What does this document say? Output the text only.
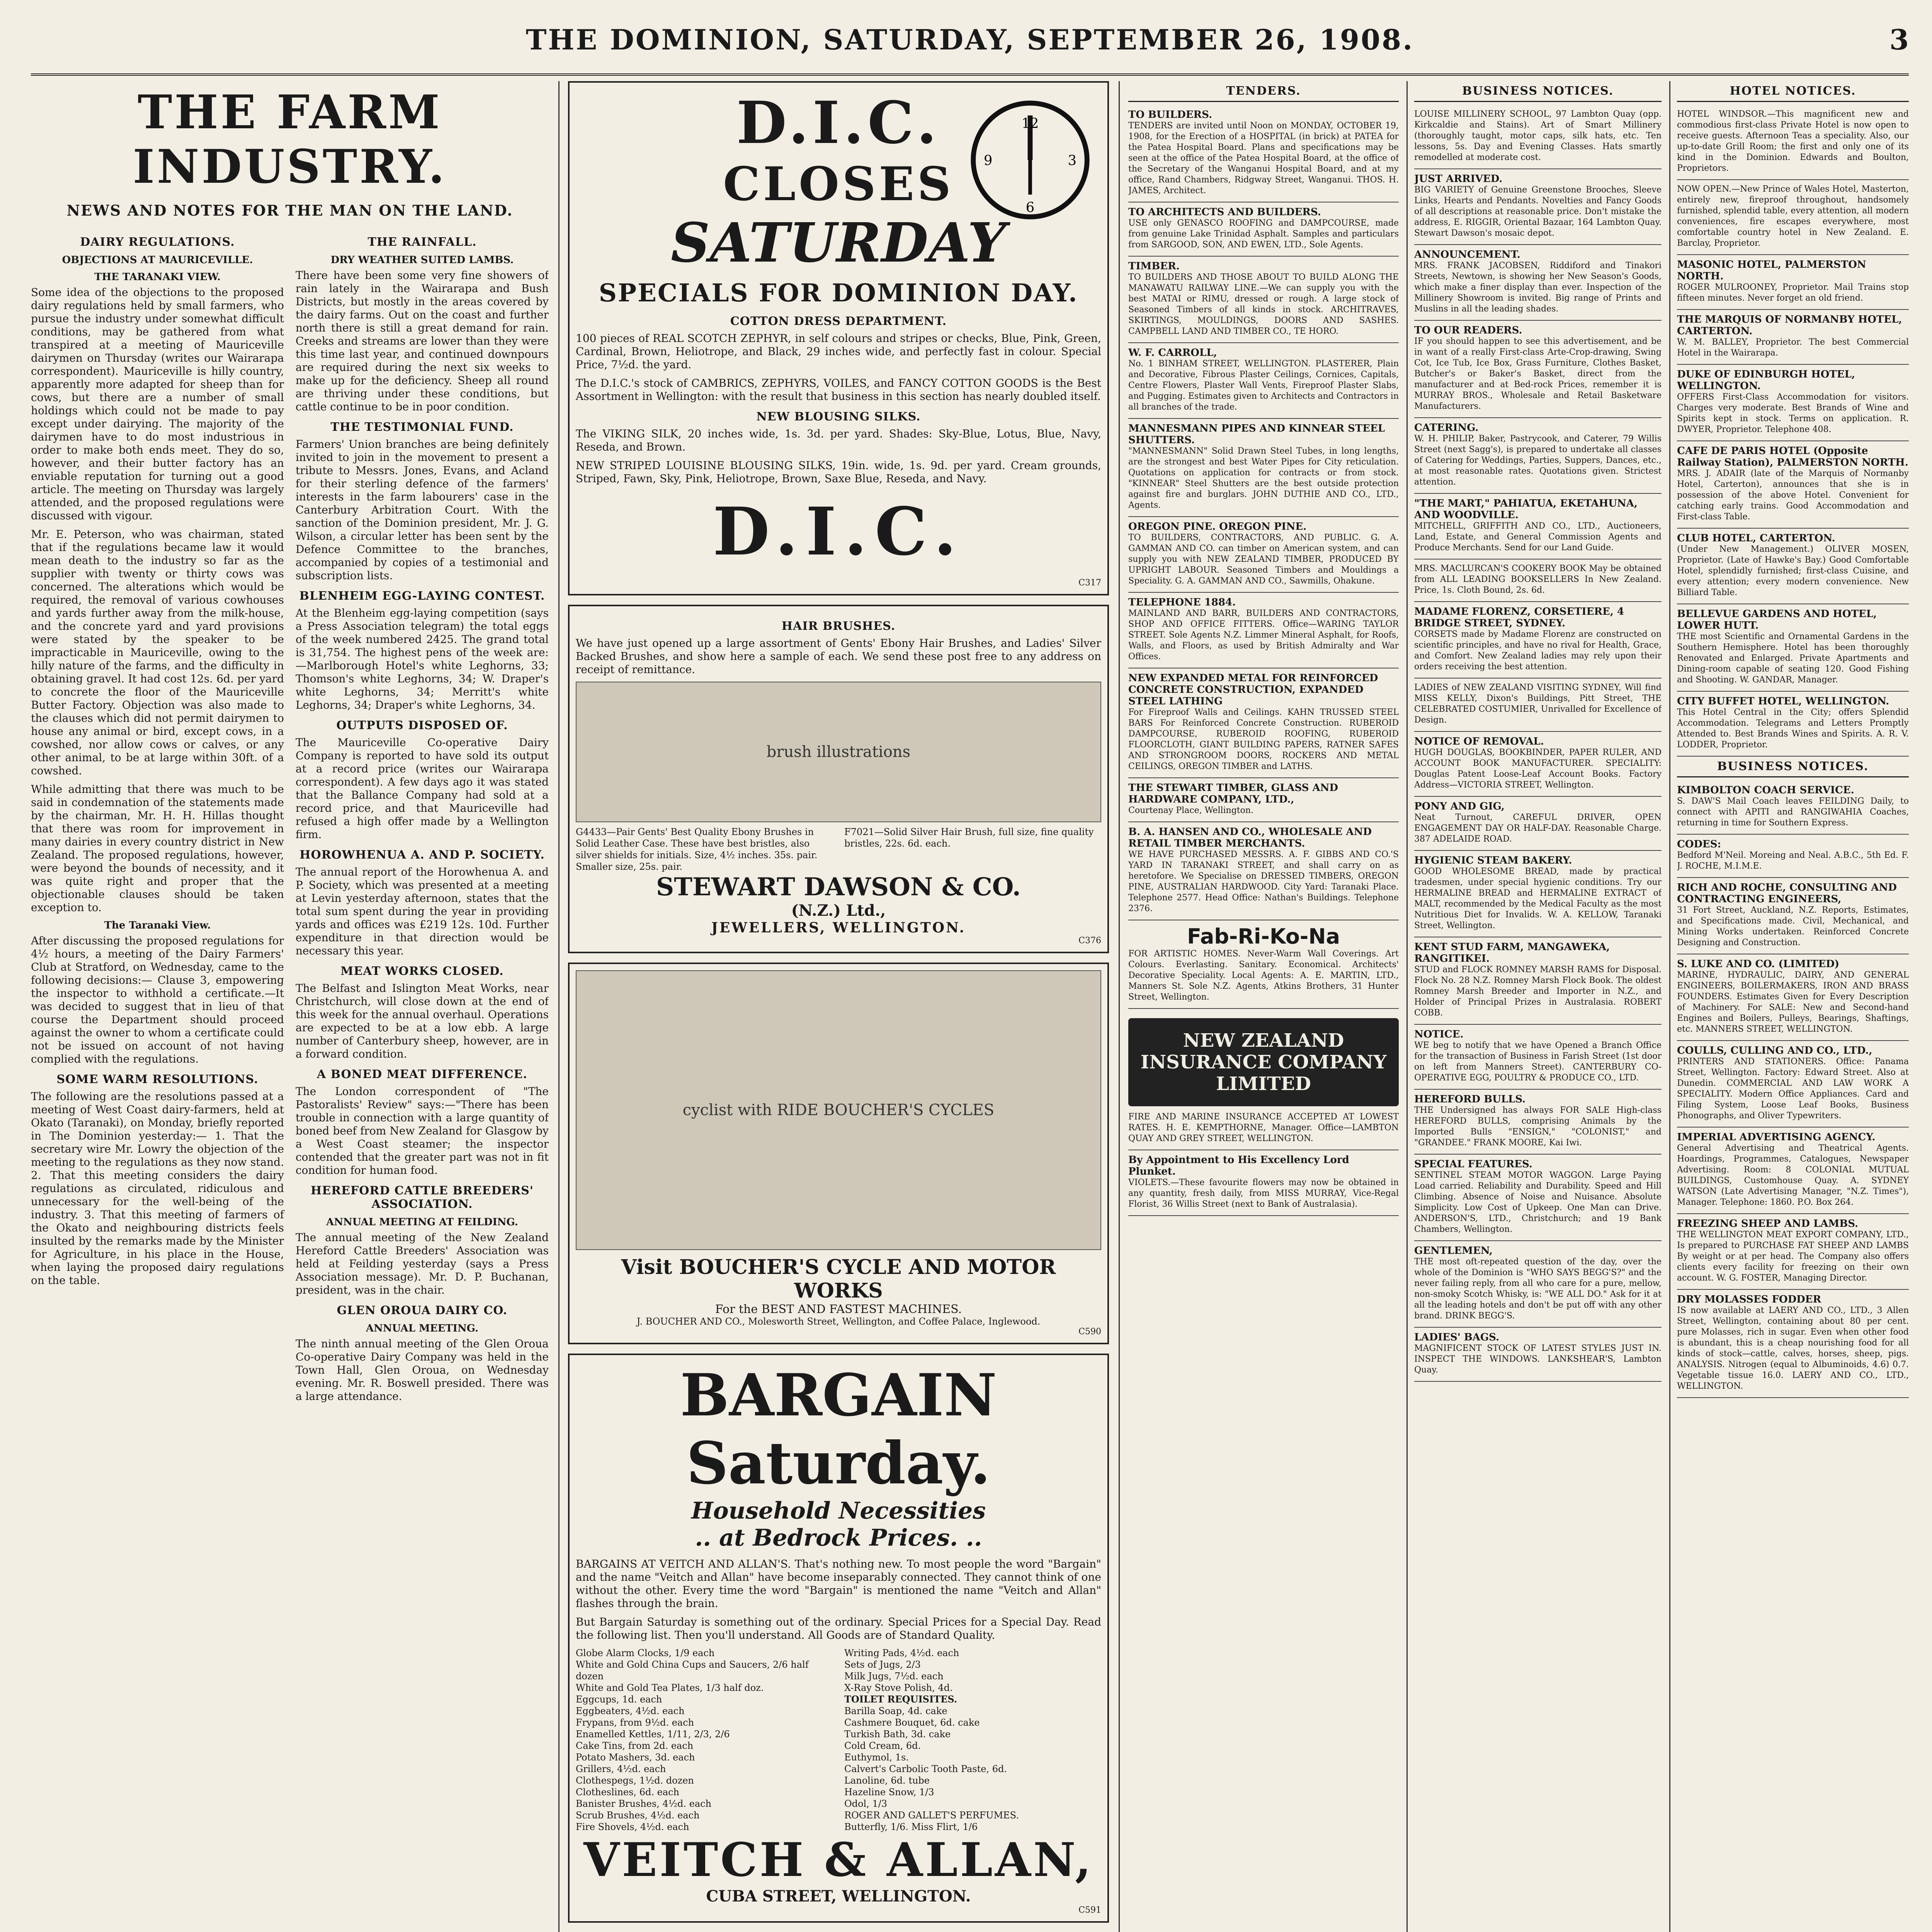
THE DOMINION, SATURDAY, SEPTEMBER 26, 1908.	3
THE FARM INDUSTRY.
NEWS AND NOTES FOR THE MAN ON THE LAND.
DAIRY REGULATIONS.
OBJECTIONS AT MAURICEVILLE.
THE TARANAKI VIEW.

Some idea of the objections to the proposed dairy regulations held by small farmers, who pursue the industry under somewhat difficult conditions, may be gathered from what transpired at a meeting of Mauriceville dairymen on Thursday (writes our Wairarapa correspondent). Mauriceville is hilly country, apparently more adapted for sheep than for cows, but there are a number of small holdings which could not be made to pay except under dairying. The majority of the dairymen have to do most industrious in order to make both ends meet. They do so, however, and their butter factory has an enviable reputation for turning out a good article. The meeting on Thursday was largely attended, and the proposed regulations were discussed with vigour.

Mr. E. Peterson, who was chairman, stated that if the regulations became law it would mean death to the industry so far as the supplier with twenty or thirty cows was concerned. The alterations which would be required, the removal of various cowhouses and yards further away from the milk-house, and the concrete yard and yard provisions were stated by the speaker to be impracticable in Mauriceville, owing to the hilly nature of the farms, and the difficulty in obtaining gravel. It had cost 12s. 6d. per yard to concrete the floor of the Mauriceville Butter Factory. Objection was also made to the clauses which did not permit dairymen to house any animal or bird, except cows, in a cowshed, nor allow cows or calves, or any other animal, to be at large within 30ft. of a cowshed.

While admitting that there was much to be said in condemnation of the statements made by the chairman, Mr. H. H. Hillas thought that there was room for improvement in many dairies in every country district in New Zealand. The proposed regulations, however, were beyond the bounds of necessity, and it was quite right and proper that the objectionable clauses should be taken exception to.

The Taranaki View.

After discussing the proposed regulations for 4½ hours, a meeting of the Dairy Farmers' Club at Stratford, on Wednesday, came to the following decisions:— Clause 3, empowering the inspector to withhold a certificate.—It was decided to suggest that in lieu of that course the Department should proceed against the owner to whom a certificate could not be issued on account of not having complied with the regulations.

SOME WARM RESOLUTIONS.

The following are the resolutions passed at a meeting of West Coast dairy-farmers, held at Okato (Taranaki), on Monday, briefly reported in The Dominion yesterday:— 1. That the secretary wire Mr. Lowry the objection of the meeting to the regulations as they now stand. 2. That this meeting considers the dairy regulations as circulated, ridiculous and unnecessary for the well-being of the industry. 3. That this meeting of farmers of the Okato and neighbouring districts feels insulted by the remarks made by the Minister for Agriculture, in his place in the House, when laying the proposed dairy regulations on the table.

THE RAINFALL.
DRY WEATHER SUITED LAMBS.

There have been some very fine showers of rain lately in the Wairarapa and Bush Districts, but mostly in the areas covered by the dairy farms. Out on the coast and further north there is still a great demand for rain. Creeks and streams are lower than they were this time last year, and continued downpours are required during the next six weeks to make up for the deficiency. Sheep all round are thriving under these conditions, but cattle continue to be in poor condition.

THE TESTIMONIAL FUND.

Farmers' Union branches are being definitely invited to join in the movement to present a tribute to Messrs. Jones, Evans, and Acland for their sterling defence of the farmers' interests in the farm labourers' case in the Canterbury Arbitration Court. With the sanction of the Dominion president, Mr. J. G. Wilson, a circular letter has been sent by the Defence Committee to the branches, accompanied by copies of a testimonial and subscription lists.

BLENHEIM EGG-LAYING CONTEST.

At the Blenheim egg-laying competition (says a Press Association telegram) the total eggs of the week numbered 2425. The grand total is 31,754. The highest pens of the week are:—Marlborough Hotel's white Leghorns, 33; Thomson's white Leghorns, 34; W. Draper's white Leghorns, 34; Merritt's white Leghorns, 34; Draper's white Leghorns, 34.

OUTPUTS DISPOSED OF.

The Mauriceville Co-operative Dairy Company is reported to have sold its output at a record price (writes our Wairarapa correspondent). A few days ago it was stated that the Ballance Company had sold at a record price, and that Mauriceville had refused a high offer made by a Wellington firm.

HOROWHENUA A. AND P. SOCIETY.

The annual report of the Horowhenua A. and P. Society, which was presented at a meeting at Levin yesterday afternoon, states that the total sum spent during the year in providing yards and offices was £219 12s. 10d. Further expenditure in that direction would be necessary this year.

MEAT WORKS CLOSED.

The Belfast and Islington Meat Works, near Christchurch, will close down at the end of this week for the annual overhaul. Operations are expected to be at a low ebb. A large number of Canterbury sheep, however, are in a forward condition.

A BONED MEAT DIFFERENCE.

The London correspondent of "The Pastoralists' Review" says:—"There has been trouble in connection with a large quantity of boned beef from New Zealand for Glasgow by a West Coast steamer; the inspector contended that the greater part was not in fit condition for human food.

HEREFORD CATTLE BREEDERS' ASSOCIATION.
ANNUAL MEETING AT FEILDING.

The annual meeting of the New Zealand Hereford Cattle Breeders' Association was held at Feilding yesterday (says a Press Association message). Mr. D. P. Buchanan, president, was in the chair.

GLEN OROUA DAIRY CO.
ANNUAL MEETING.

The ninth annual meeting of the Glen Oroua Co-operative Dairy Company was held in the Town Hall, Glen Oroua, on Wednesday evening. Mr. R. Boswell presided. There was a large attendance.

12
3
6
9
D.I.C.
CLOSES
SATURDAY
SPECIALS FOR DOMINION DAY.
COTTON DRESS DEPARTMENT.

100 pieces of REAL SCOTCH ZEPHYR, in self colours and stripes or checks, Blue, Pink, Green, Cardinal, Brown, Heliotrope, and Black, 29 inches wide, and perfectly fast in colour. Special Price, 7½d. the yard.

The D.I.C.'s stock of CAMBRICS, ZEPHYRS, VOILES, and FANCY COTTON GOODS is the Best Assortment in Wellington: with the result that business in this section has nearly doubled itself.

NEW BLOUSING SILKS.

The VIKING SILK, 20 inches wide, 1s. 3d. per yard. Shades: Sky-Blue, Lotus, Blue, Navy, Reseda, and Brown.

NEW STRIPED LOUISINE BLOUSING SILKS, 19in. wide, 1s. 9d. per yard. Cream grounds, Striped, Fawn, Sky, Pink, Heliotrope, Brown, Saxe Blue, Reseda, and Navy.

D.I.C.
C317
HAIR BRUSHES.

We have just opened up a large assortment of Gents' Ebony Hair Brushes, and Ladies' Silver Backed Brushes, and show here a sample of each. We send these post free to any address on receipt of remittance.

brush illustrations
G4433—Pair Gents' Best Quality Ebony Brushes in Solid Leather Case. These have best bristles, also silver shields for initials. Size, 4½ inches. 35s. pair. Smaller size, 25s. pair.
F7021—Solid Silver Hair Brush, full size, fine quality bristles, 22s. 6d. each.
STEWART DAWSON & CO.
(N.Z.) Ltd.,
JEWELLERS, WELLINGTON.
C376
cyclist with RIDE BOUCHER'S CYCLES
Visit BOUCHER'S CYCLE AND MOTOR WORKS
For the BEST AND FASTEST MACHINES.
J. BOUCHER AND CO., Molesworth Street, Wellington, and Coffee Palace, Inglewood.
C590
BARGAIN Saturday.
Household Necessities
.. at Bedrock Prices. ..

BARGAINS AT VEITCH AND ALLAN'S. That's nothing new. To most people the word "Bargain" and the name "Veitch and Allan" have become inseparably connected. They cannot think of one without the other. Every time the word "Bargain" is mentioned the name "Veitch and Allan" flashes through the brain.

But Bargain Saturday is something out of the ordinary. Special Prices for a Special Day. Read the following list. Then you'll understand. All Goods are of Standard Quality.

Globe Alarm Clocks, 1/9 each
White and Gold China Cups and Saucers, 2/6 half dozen
White and Gold Tea Plates, 1/3 half doz.
Eggcups, 1d. each
Eggbeaters, 4½d. each
Frypans, from 9½d. each
Enamelled Kettles, 1/11, 2/3, 2/6
Cake Tins, from 2d. each
Potato Mashers, 3d. each
Grillers, 4½d. each
Clothespegs, 1½d. dozen
Clotheslines, 6d. each
Banister Brushes, 4½d. each
Scrub Brushes, 4½d. each
Fire Shovels, 4½d. each
Writing Pads, 4½d. each
Sets of Jugs, 2/3
Milk Jugs, 7½d. each
X-Ray Stove Polish, 4d.
TOILET REQUISITES.
Barilla Soap, 4d. cake
Cashmere Bouquet, 6d. cake
Turkish Bath, 3d. cake
Cold Cream, 6d.
Euthymol, 1s.
Calvert's Carbolic Tooth Paste, 6d.
Lanoline, 6d. tube
Hazeline Snow, 1/3
Odol, 1/3
ROGER AND GALLET'S PERFUMES.
Butterfly, 1/6. Miss Flirt, 1/6
VEITCH & ALLAN,
CUBA STREET, WELLINGTON.
C591

TENDERS.
TO BUILDERS.
TENDERS are invited until Noon on MONDAY, OCTOBER 19, 1908, for the Erection of a HOSPITAL (in brick) at PATEA for the Patea Hospital Board. Plans and specifications may be seen at the office of the Patea Hospital Board, at the office of the Secretary of the Wanganui Hospital Board, and at my office, Rand Chambers, Ridgway Street, Wanganui. THOS. H. JAMES, Architect.
TO ARCHITECTS AND BUILDERS.
USE only GENASCO ROOFING and DAMPCOURSE, made from genuine Lake Trinidad Asphalt. Samples and particulars from SARGOOD, SON, AND EWEN, LTD., Sole Agents.
TIMBER.
TO BUILDERS AND THOSE ABOUT TO BUILD ALONG THE MANAWATU RAILWAY LINE.—We can supply you with the best MATAI or RIMU, dressed or rough. A large stock of Seasoned Timbers of all kinds in stock. ARCHITRAVES, SKIRTINGS, MOULDINGS, DOORS AND SASHES. CAMPBELL LAND AND TIMBER CO., TE HORO.
W. F. CARROLL,
No. 1 BINHAM STREET, WELLINGTON. PLASTERER, Plain and Decorative, Fibrous Plaster Ceilings, Cornices, Capitals, Centre Flowers, Plaster Wall Vents, Fireproof Plaster Slabs, and Pugging. Estimates given to Architects and Contractors in all branches of the trade.
MANNESMANN PIPES AND KINNEAR STEEL SHUTTERS.
"MANNESMANN" Solid Drawn Steel Tubes, in long lengths, are the strongest and best Water Pipes for City reticulation. Quotations on application for contracts or from stock. "KINNEAR" Steel Shutters are the best outside protection against fire and burglars. JOHN DUTHIE AND CO., LTD., Agents.
OREGON PINE. OREGON PINE.
TO BUILDERS, CONTRACTORS, AND PUBLIC. G. A. GAMMAN AND CO. can timber on American system, and can supply you with NEW ZEALAND TIMBER, PRODUCED BY UPRIGHT LABOUR. Seasoned Timbers and Mouldings a Speciality. G. A. GAMMAN AND CO., Sawmills, Ohakune.
TELEPHONE 1884.
MAINLAND AND BARR, BUILDERS AND CONTRACTORS, SHOP AND OFFICE FITTERS. Office—WARING TAYLOR STREET. Sole Agents N.Z. Limmer Mineral Asphalt, for Roofs, Walls, and Floors, as used by British Admiralty and War Offices.
NEW EXPANDED METAL FOR REINFORCED CONCRETE CONSTRUCTION, EXPANDED STEEL LATHING
For Fireproof Walls and Ceilings. KAHN TRUSSED STEEL BARS For Reinforced Concrete Construction. RUBEROID DAMPCOURSE, RUBEROID ROOFING, RUBEROID FLOORCLOTH, GIANT BUILDING PAPERS, RATNER SAFES AND STRONGROOM DOORS, ROCKERS AND METAL CEILINGS, OREGON TIMBER and LATHS.
THE STEWART TIMBER, GLASS AND HARDWARE COMPANY, LTD.,
Courtenay Place, Wellington.
B. A. HANSEN AND CO., WHOLESALE AND RETAIL TIMBER MERCHANTS.
WE HAVE PURCHASED MESSRS. A. F. GIBBS AND CO.'S YARD IN TARANAKI STREET, and shall carry on as heretofore. We Specialise on DRESSED TIMBERS, OREGON PINE, AUSTRALIAN HARDWOOD. City Yard: Taranaki Place. Telephone 2577. Head Office: Nathan's Buildings. Telephone 2376.
Fab-Ri-Ko-Na
FOR ARTISTIC HOMES. Never-Warm Wall Coverings. Art Colours. Everlasting. Sanitary. Economical. Architects' Decorative Speciality. Local Agents: A. E. MARTIN, LTD., Manners St. Sole N.Z. Agents, Atkins Brothers, 31 Hunter Street, Wellington.
NEW ZEALAND INSURANCE COMPANY LIMITED
FIRE AND MARINE INSURANCE ACCEPTED AT LOWEST RATES. H. E. KEMPTHORNE, Manager. Office—LAMBTON QUAY AND GREY STREET, WELLINGTON.
By Appointment to His Excellency Lord Plunket.
VIOLETS.—These favourite flowers may now be obtained in any quantity, fresh daily, from MISS MURRAY, Vice-Regal Florist, 36 Willis Street (next to Bank of Australasia).
BUSINESS NOTICES.
LOUISE MILLINERY SCHOOL, 97 Lambton Quay (opp. Kirkcaldie and Stains). Art of Smart Millinery (thoroughly taught, motor caps, silk hats, etc. Ten lessons, 5s. Day and Evening Classes. Hats smartly remodelled at moderate cost.
JUST ARRIVED.
BIG VARIETY of Genuine Greenstone Brooches, Sleeve Links, Hearts and Pendants. Novelties and Fancy Goods of all descriptions at reasonable price. Don't mistake the address, E. RIGGIR, Oriental Bazaar, 164 Lambton Quay. Stewart Dawson's mosaic depot.
ANNOUNCEMENT.
MRS. FRANK JACOBSEN, Riddiford and Tinakori Streets, Newtown, is showing her New Season's Goods, which make a finer display than ever. Inspection of the Millinery Showroom is invited. Big range of Prints and Muslins in all the leading shades.
TO OUR READERS.
IF you should happen to see this advertisement, and be in want of a really First-class Arte-Crop-drawing, Swing Cot, Ice Tub, Ice Box, Grass Furniture, Clothes Basket, Butcher's or Baker's Basket, direct from the manufacturer and at Bed-rock Prices, remember it is MURRAY BROS., Wholesale and Retail Basketware Manufacturers.
CATERING.
W. H. PHILIP, Baker, Pastrycook, and Caterer, 79 Willis Street (next Sagg's), is prepared to undertake all classes of Catering for Weddings, Parties, Suppers, Dances, etc., at most reasonable rates. Quotations given. Strictest attention.
"THE MART," PAHIATUA, EKETAHUNA, AND WOODVILLE.
MITCHELL, GRIFFITH AND CO., LTD., Auctioneers, Land, Estate, and General Commission Agents and Produce Merchants. Send for our Land Guide.
MRS. MACLURCAN'S COOKERY BOOK May be obtained from ALL LEADING BOOKSELLERS In New Zealand. Price, 1s. Cloth Bound, 2s. 6d.
MADAME FLORENZ, CORSETIERE, 4 BRIDGE STREET, SYDNEY.
CORSETS made by Madame Florenz are constructed on scientific principles, and have no rival for Health, Grace, and Comfort. New Zealand ladies may rely upon their orders receiving the best attention.
LADIES of NEW ZEALAND VISITING SYDNEY, Will find MISS KELLY, Dixon's Buildings, Pitt Street, THE CELEBRATED COSTUMIER, Unrivalled for Excellence of Design.
NOTICE OF REMOVAL.
HUGH DOUGLAS, BOOKBINDER, PAPER RULER, AND ACCOUNT BOOK MANUFACTURER. SPECIALITY: Douglas Patent Loose-Leaf Account Books. Factory Address—VICTORIA STREET, Wellington.
PONY AND GIG,
Neat Turnout, CAREFUL DRIVER, OPEN ENGAGEMENT DAY OR HALF-DAY. Reasonable Charge. 387 ADELAIDE ROAD.
HYGIENIC STEAM BAKERY.
GOOD WHOLESOME BREAD, made by practical tradesmen, under special hygienic conditions. Try our HERMALINE BREAD and HERMALINE EXTRACT of MALT, recommended by the Medical Faculty as the most Nutritious Diet for Invalids. W. A. KELLOW, Taranaki Street, Wellington.
KENT STUD FARM, MANGAWEKA, RANGITIKEI.
STUD and FLOCK ROMNEY MARSH RAMS for Disposal. Flock No. 28 N.Z. Romney Marsh Flock Book. The oldest Romney Marsh Breeder and Importer in N.Z., and Holder of Principal Prizes in Australasia. ROBERT COBB.
NOTICE.
WE beg to notify that we have Opened a Branch Office for the transaction of Business in Farish Street (1st door on left from Manners Street). CANTERBURY CO-OPERATIVE EGG, POULTRY & PRODUCE CO., LTD.
HEREFORD BULLS.
THE Undersigned has always FOR SALE High-class HEREFORD BULLS, comprising Animals by the Imported Bulls "ENSIGN," "COLONIST," and "GRANDEE." FRANK MOORE, Kai Iwi.
SPECIAL FEATURES.
SENTINEL STEAM MOTOR WAGGON. Large Paying Load carried. Reliability and Durability. Speed and Hill Climbing. Absence of Noise and Nuisance. Absolute Simplicity. Low Cost of Upkeep. One Man can Drive. ANDERSON'S, LTD., Christchurch; and 19 Bank Chambers, Wellington.
GENTLEMEN,
THE most oft-repeated question of the day, over the whole of the Dominion is "WHO SAYS BEGG'S?" and the never failing reply, from all who care for a pure, mellow, non-smoky Scotch Whisky, is: "WE ALL DO." Ask for it at all the leading hotels and don't be put off with any other brand. DRINK BEGG'S.
LADIES' BAGS.
MAGNIFICENT STOCK OF LATEST STYLES JUST IN. INSPECT THE WINDOWS. LANKSHEAR'S, Lambton Quay.
HOTEL NOTICES.
HOTEL WINDSOR.—This magnificent new and commodious first-class Private Hotel is now open to receive guests. Afternoon Teas a speciality. Also, our up-to-date Grill Room; the first and only one of its kind in the Dominion. Edwards and Boulton, Proprietors.
NOW OPEN.—New Prince of Wales Hotel, Masterton, entirely new, fireproof throughout, handsomely furnished, splendid table, every attention, all modern conveniences, fire escapes everywhere, most comfortable country hotel in New Zealand. E. Barclay, Proprietor.
MASONIC HOTEL, PALMERSTON NORTH.
ROGER MULROONEY, Proprietor. Mail Trains stop fifteen minutes. Never forget an old friend.
THE MARQUIS OF NORMANBY HOTEL, CARTERTON.
W. M. BALLEY, Proprietor. The best Commercial Hotel in the Wairarapa.
DUKE OF EDINBURGH HOTEL, WELLINGTON.
OFFERS First-Class Accommodation for visitors. Charges very moderate. Best Brands of Wine and Spirits kept in stock. Terms on application. R. DWYER, Proprietor. Telephone 408.
CAFE DE PARIS HOTEL (Opposite Railway Station), PALMERSTON NORTH.
MRS. J. ADAIR (late of the Marquis of Normanby Hotel, Carterton), announces that she is in possession of the above Hotel. Convenient for catching early trains. Good Accommodation and First-class Table.
CLUB HOTEL, CARTERTON.
(Under New Management.) OLIVER MOSEN, Proprietor. (Late of Hawke's Bay.) Good Comfortable Hotel, splendidly furnished; first-class Cuisine, and every attention; every modern convenience. New Billiard Table.
BELLEVUE GARDENS AND HOTEL, LOWER HUTT.
THE most Scientific and Ornamental Gardens in the Southern Hemisphere. Hotel has been thoroughly Renovated and Enlarged. Private Apartments and Dining-room capable of seating 120. Good Fishing and Shooting. W. GANDAR, Manager.
CITY BUFFET HOTEL, WELLINGTON.
This Hotel Central in the City; offers Splendid Accommodation. Telegrams and Letters Promptly Attended to. Best Brands Wines and Spirits. A. R. V. LODDER, Proprietor.
BUSINESS NOTICES.
KIMBOLTON COACH SERVICE.
S. DAW'S Mail Coach leaves FEILDING Daily, to connect with APITI and RANGIWAHIA Coaches, returning in time for Southern Express.
CODES:
Bedford M'Neil. Moreing and Neal. A.B.C., 5th Ed. F. J. ROCHE, M.I.M.E.
RICH AND ROCHE, CONSULTING AND CONTRACTING ENGINEERS,
31 Fort Street, Auckland, N.Z. Reports, Estimates, and Specifications made. Civil, Mechanical, and Mining Works undertaken. Reinforced Concrete Designing and Construction.
S. LUKE AND CO. (LIMITED)
MARINE, HYDRAULIC, DAIRY, AND GENERAL ENGINEERS, BOILERMAKERS, IRON AND BRASS FOUNDERS. Estimates Given for Every Description of Machinery. For SALE: New and Second-hand Engines and Boilers, Pulleys, Bearings, Shaftings, etc. MANNERS STREET, WELLINGTON.
COULLS, CULLING AND CO., LTD.,
PRINTERS AND STATIONERS. Office: Panama Street, Wellington. Factory: Edward Street. Also at Dunedin. COMMERCIAL AND LAW WORK A SPECIALITY. Modern Office Appliances. Card and Filing System, Loose Leaf Books, Business Phonographs, and Oliver Typewriters.
IMPERIAL ADVERTISING AGENCY.
General Advertising and Theatrical Agents. Hoardings, Programmes, Catalogues, Newspaper Advertising. Room: 8 COLONIAL MUTUAL BUILDINGS, Customhouse Quay. A. SYDNEY WATSON (Late Advertising Manager, "N.Z. Times"), Manager. Telephone: 1860. P.O. Box 264.
FREEZING SHEEP AND LAMBS.
THE WELLINGTON MEAT EXPORT COMPANY, LTD., Is prepared to PURCHASE FAT SHEEP AND LAMBS By weight or at per head. The Company also offers clients every facility for freezing on their own account. W. G. FOSTER, Managing Director.
DRY MOLASSES FODDER
IS now available at LAERY AND CO., LTD., 3 Allen Street, Wellington, containing about 80 per cent. pure Molasses, rich in sugar. Even when other food is abundant, this is a cheap nourishing food for all kinds of stock—cattle, calves, horses, sheep, pigs. ANALYSIS. Nitrogen (equal to Albuminoids, 4.6) 0.7. Vegetable tissue 16.0. LAERY AND CO., LTD., WELLINGTON.
